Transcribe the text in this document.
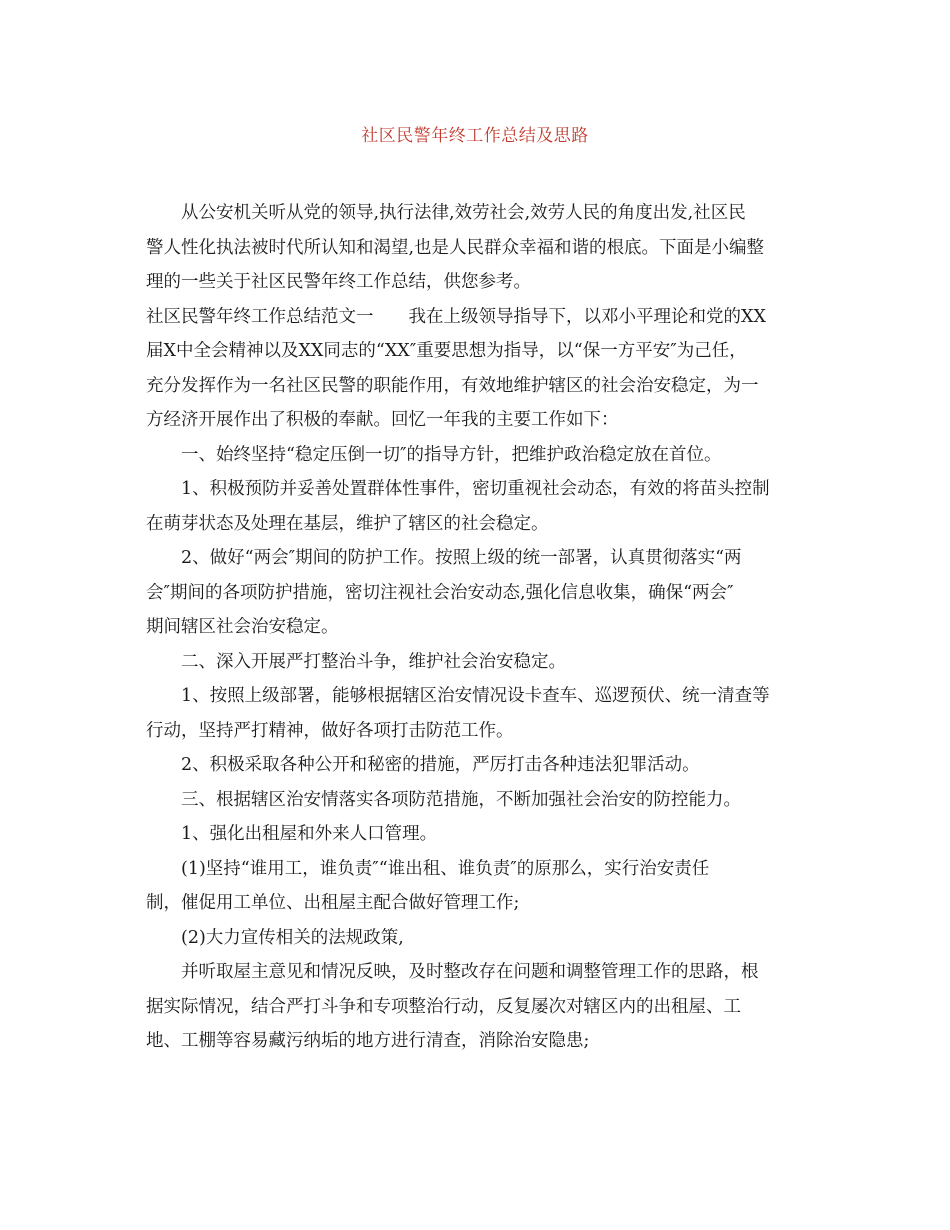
社区民警年终工作总结及思路
从公安机关听从党的领导,执行法律,效劳社会,效劳人民的角度出发,社区民
警人性化执法被时代所认知和渴望,也是人民群众幸福和谐的根底。下面是小编整
理的一些关于社区民警年终工作总结，供您参考。
社区民警年终工作总结范文一　　我在上级领导指导下，以邓小平理论和党的XX
届X中全会精神以及XX同志的“XX″重要思想为指导，以“保一方平安″为己任，
充分发挥作为一名社区民警的职能作用，有效地维护辖区的社会治安稳定，为一
方经济开展作出了积极的奉献。回忆一年我的主要工作如下：
一、始终坚持“稳定压倒一切″的指导方针，把维护政治稳定放在首位。
1、积极预防并妥善处置群体性事件，密切重视社会动态，有效的将苗头控制
在萌芽状态及处理在基层，维护了辖区的社会稳定。
2、做好“两会″期间的防护工作。按照上级的统一部署，认真贯彻落实“两
会″期间的各项防护措施，密切注视社会治安动态,强化信息收集，确保“两会″
期间辖区社会治安稳定。
二、深入开展严打整治斗争，维护社会治安稳定。
1、按照上级部署，能够根据辖区治安情况设卡查车、巡逻预伏、统一清查等
行动，坚持严打精神，做好各项打击防范工作。
2、积极采取各种公开和秘密的措施，严厉打击各种违法犯罪活动。
三、根据辖区治安情落实各项防范措施，不断加强社会治安的防控能力。
1、强化出租屋和外来人口管理。
(1)坚持“谁用工，谁负责″“谁出租、谁负责″的原那么，实行治安责任
制，催促用工单位、出租屋主配合做好管理工作;
(2)大力宣传相关的法规政策,
并听取屋主意见和情况反映，及时整改存在问题和调整管理工作的思路，根
据实际情况，结合严打斗争和专项整治行动，反复屡次对辖区内的出租屋、工
地、工棚等容易藏污纳垢的地方进行清查，消除治安隐患;
